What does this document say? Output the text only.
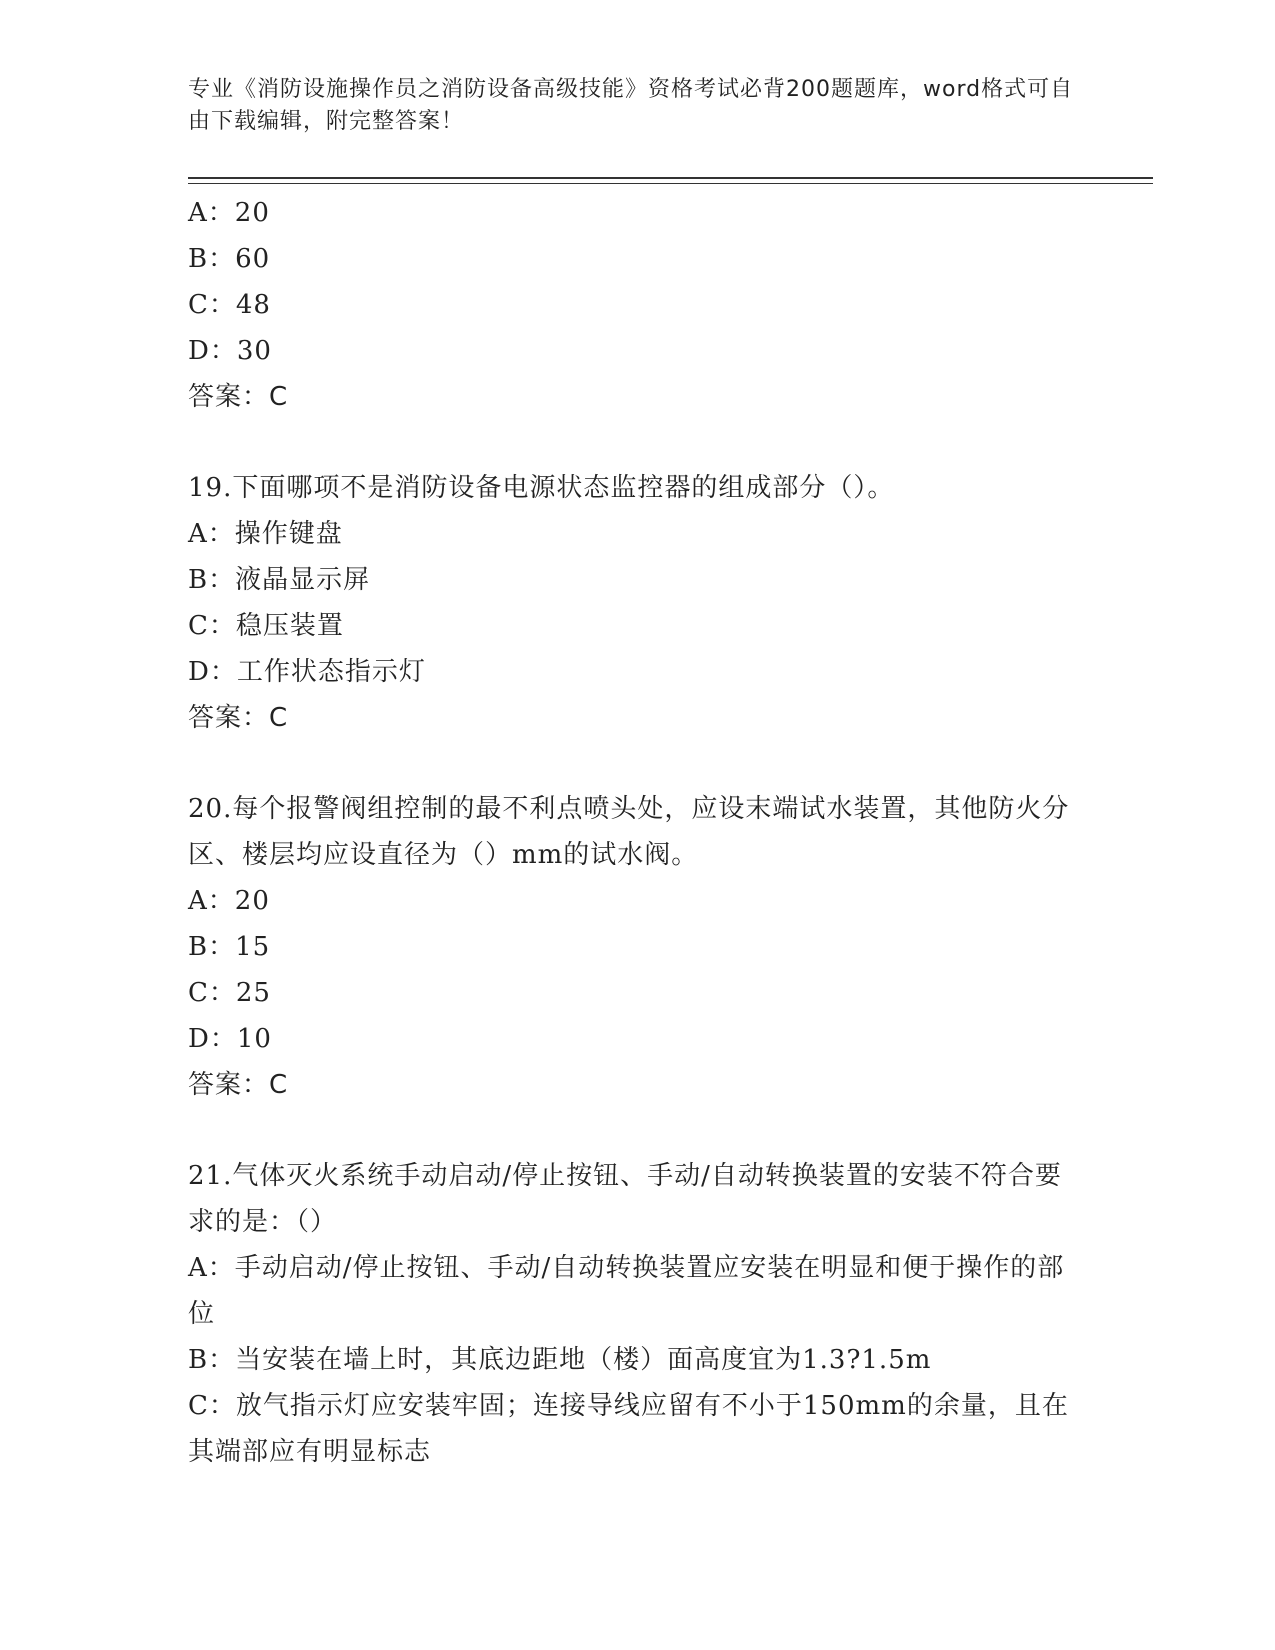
专业《消防设施操作员之消防设备高级技能》资格考试必背200题题库，word格式可自由下载编辑，附完整答案！
A：20
B：60
C：48
D：30
答案：C
19.下面哪项不是消防设备电源状态监控器的组成部分（）。
A：操作键盘
B：液晶显示屏
C：稳压装置
D：工作状态指示灯
答案：C
20.每个报警阀组控制的最不利点喷头处，应设末端试水装置，其他防火分区、楼层均应设直径为（）mm的试水阀。
A：20
B：15
C：25
D：10
答案：C
21.气体灭火系统手动启动/停止按钮、手动/自动转换装置的安装不符合要求的是：（）
A：手动启动/停止按钮、手动/自动转换装置应安装在明显和便于操作的部位
B：当安装在墙上时，其底边距地（楼）面高度宜为1.3?1.5m
C：放气指示灯应安装牢固；连接导线应留有不小于150mm的余量，且在其端部应有明显标志
